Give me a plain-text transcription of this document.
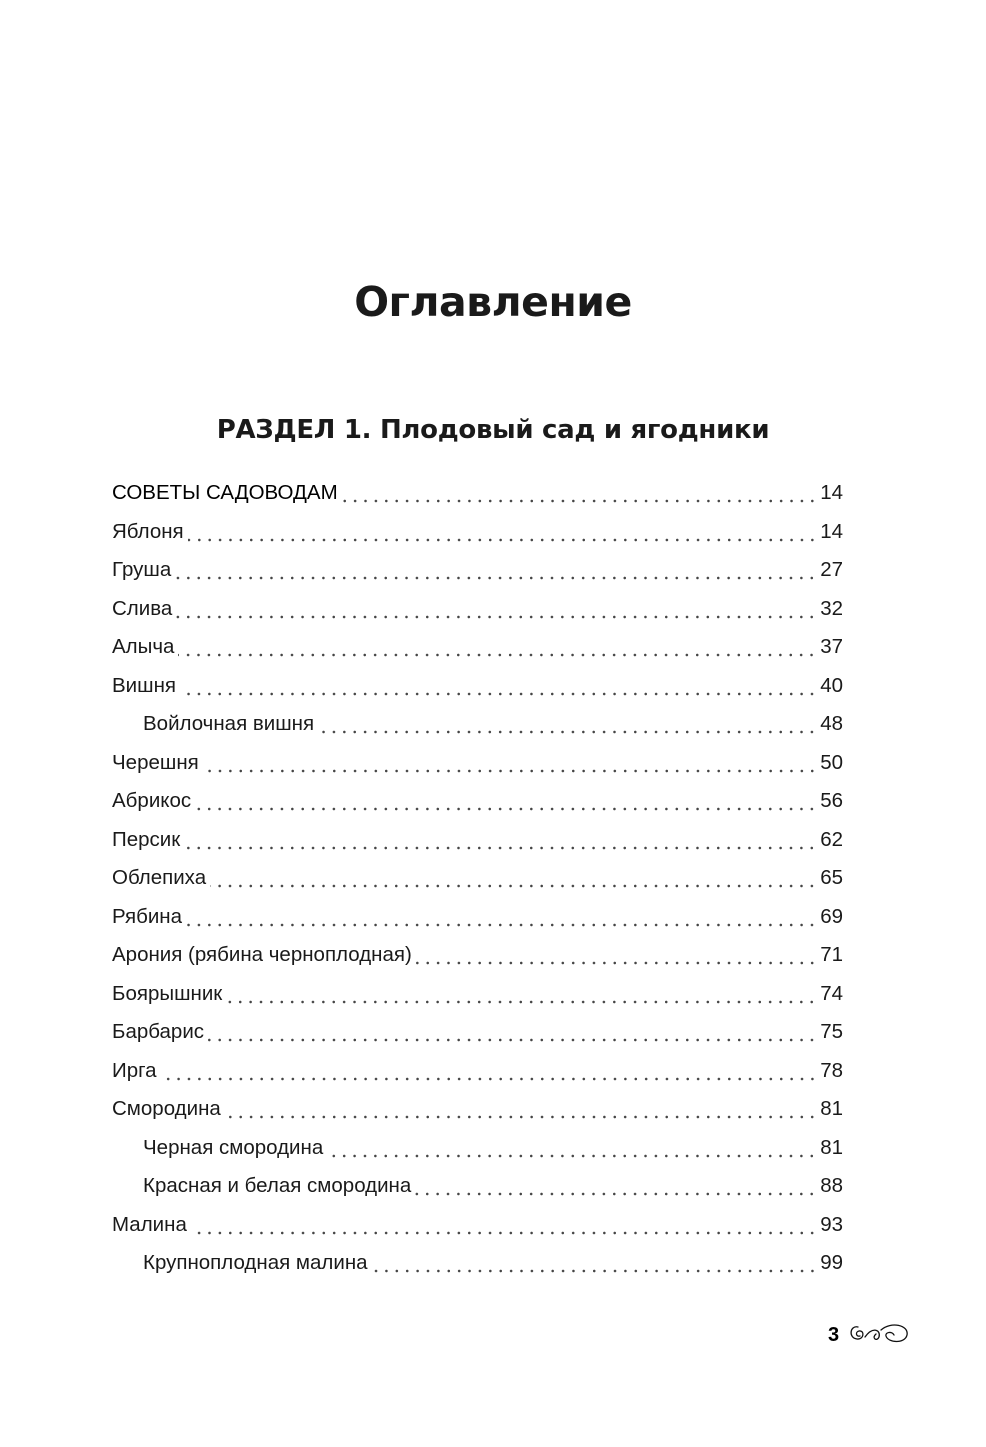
Оглавление
РАЗДЕЛ 1. Плодовый сад и ягодники
СОВЕТЫ САДОВОДАМ	14
Яблоня	14
Груша	27
Слива	32
Алыча	37
Вишня	40
Войлочная вишня	48
Черешня	50
Абрикос	56
Персик	62
Облепиха	65
Рябина	69
Арония (рябина черноплодная)	71
Боярышник	74
Барбарис	75
Ирга	78
Смородина	81
Черная смородина	81
Красная и белая смородина	88
Малина	93
Крупноплодная малина	99
3
